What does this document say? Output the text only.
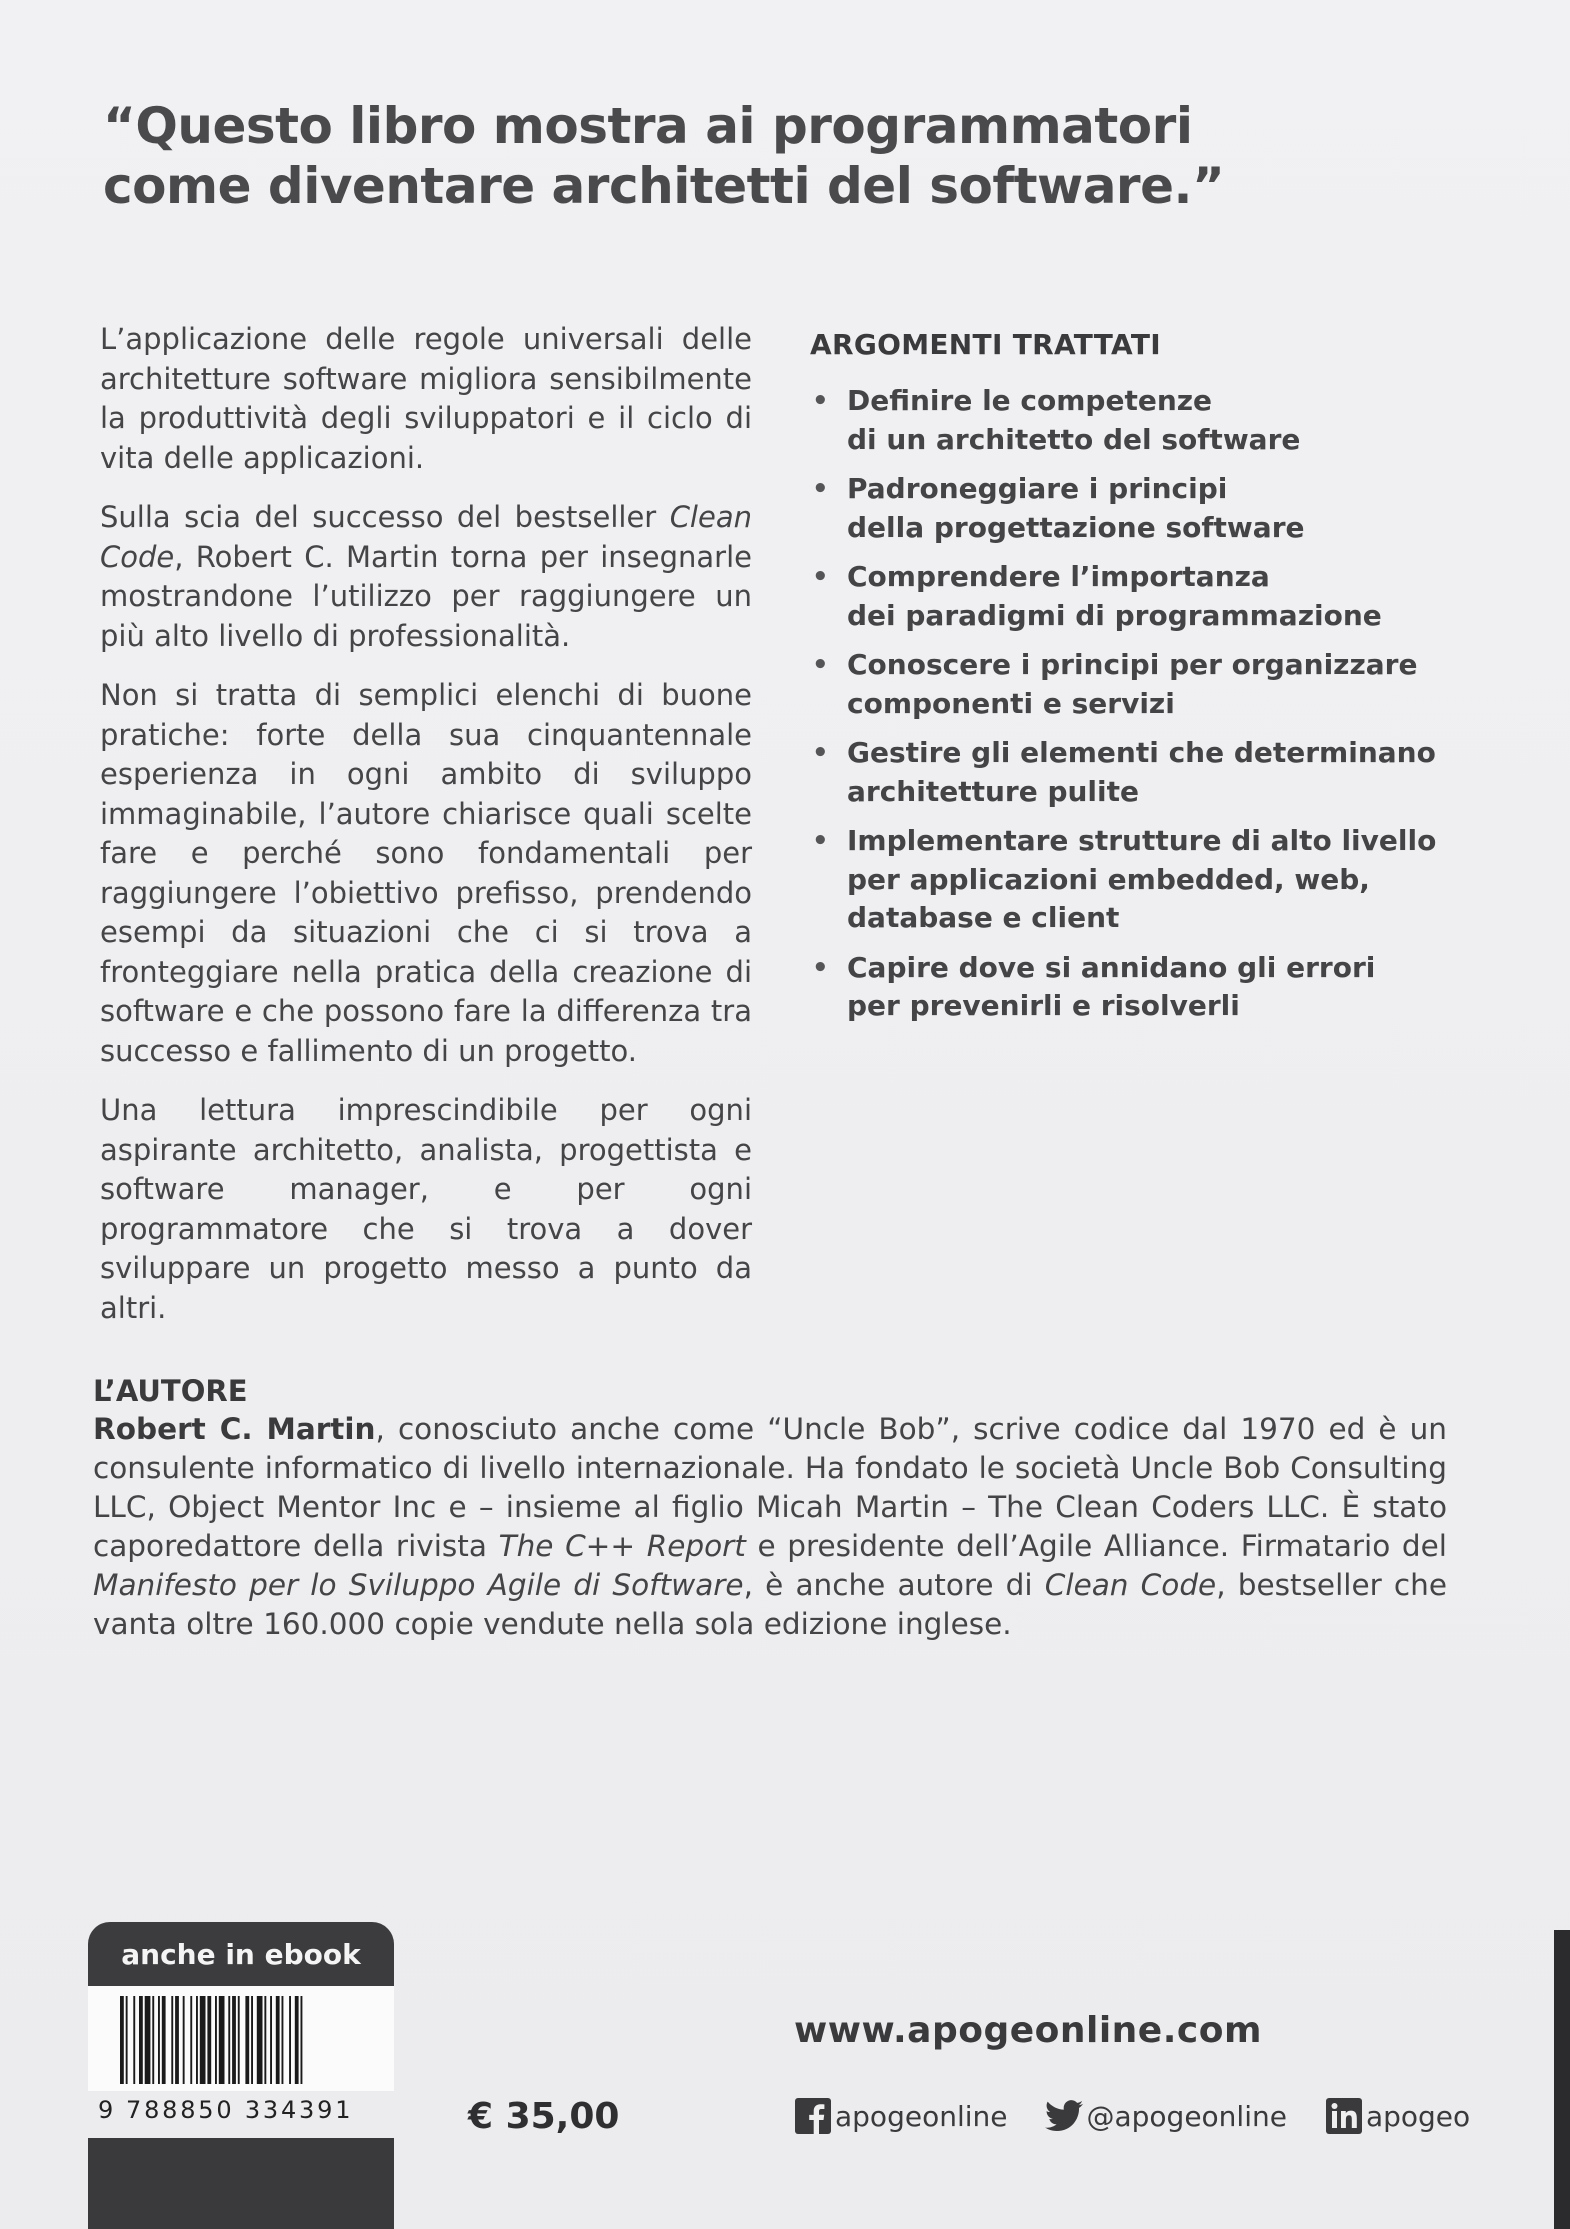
“Questo libro mostra ai programmatori
come diventare architetti del software.”

L’applicazione delle regole universali delle architetture software migliora sensibilmente la produttività degli sviluppatori e il ciclo di vita delle applicazioni.

Sulla scia del successo del bestseller Clean Code, Robert C. Martin torna per insegnarle mostrandone l’utilizzo per raggiungere un più alto livello di professionalità.

Non si tratta di semplici elenchi di buone pratiche: forte della sua cinquantennale esperienza in ogni ambito di sviluppo immaginabile, l’autore chiarisce quali scelte fare e perché sono fondamentali per raggiungere l’obiettivo prefisso, prendendo esempi da situazioni che ci si trova a fronteggiare nella pratica della creazione di software e che possono fare la differenza tra successo e fallimento di un progetto.

Una lettura imprescindibile per ogni aspirante architetto, analista, progettista e software manager, e per ogni programmatore che si trova a dover sviluppare un progetto messo a punto da altri.

ARGOMENTI TRATTATI
• Definire le competenze
di un architetto del software
• Padroneggiare i principi
della progettazione software
• Comprendere l’importanza
dei paradigmi di programmazione
• Conoscere i principi per organizzare
componenti e servizi
• Gestire gli elementi che determinano
architetture pulite
• Implementare strutture di alto livello
per applicazioni embedded, web,
database e client
• Capire dove si annidano gli errori
per prevenirli e risolverli
L’AUTORE
Robert C. Martin, conosciuto anche come “Uncle Bob”, scrive codice dal 1970 ed è un consulente informatico di livello internazionale. Ha fondato le società Uncle Bob Consulting LLC, Object Mentor Inc e – insieme al figlio Micah Martin – The Clean Coders LLC. È stato caporedattore della rivista The C++ Report e presidente dell’Agile Alliance. Firmatario del Manifesto per lo Sviluppo Agile di Software, è anche autore di Clean Code, bestseller che vanta oltre 160.000 copie vendute nella sola edizione inglese.
anche in ebook
9 788850 334391	€ 35,00
www.apogeonline.com
apogeonline	@apogeonline	apogeo
